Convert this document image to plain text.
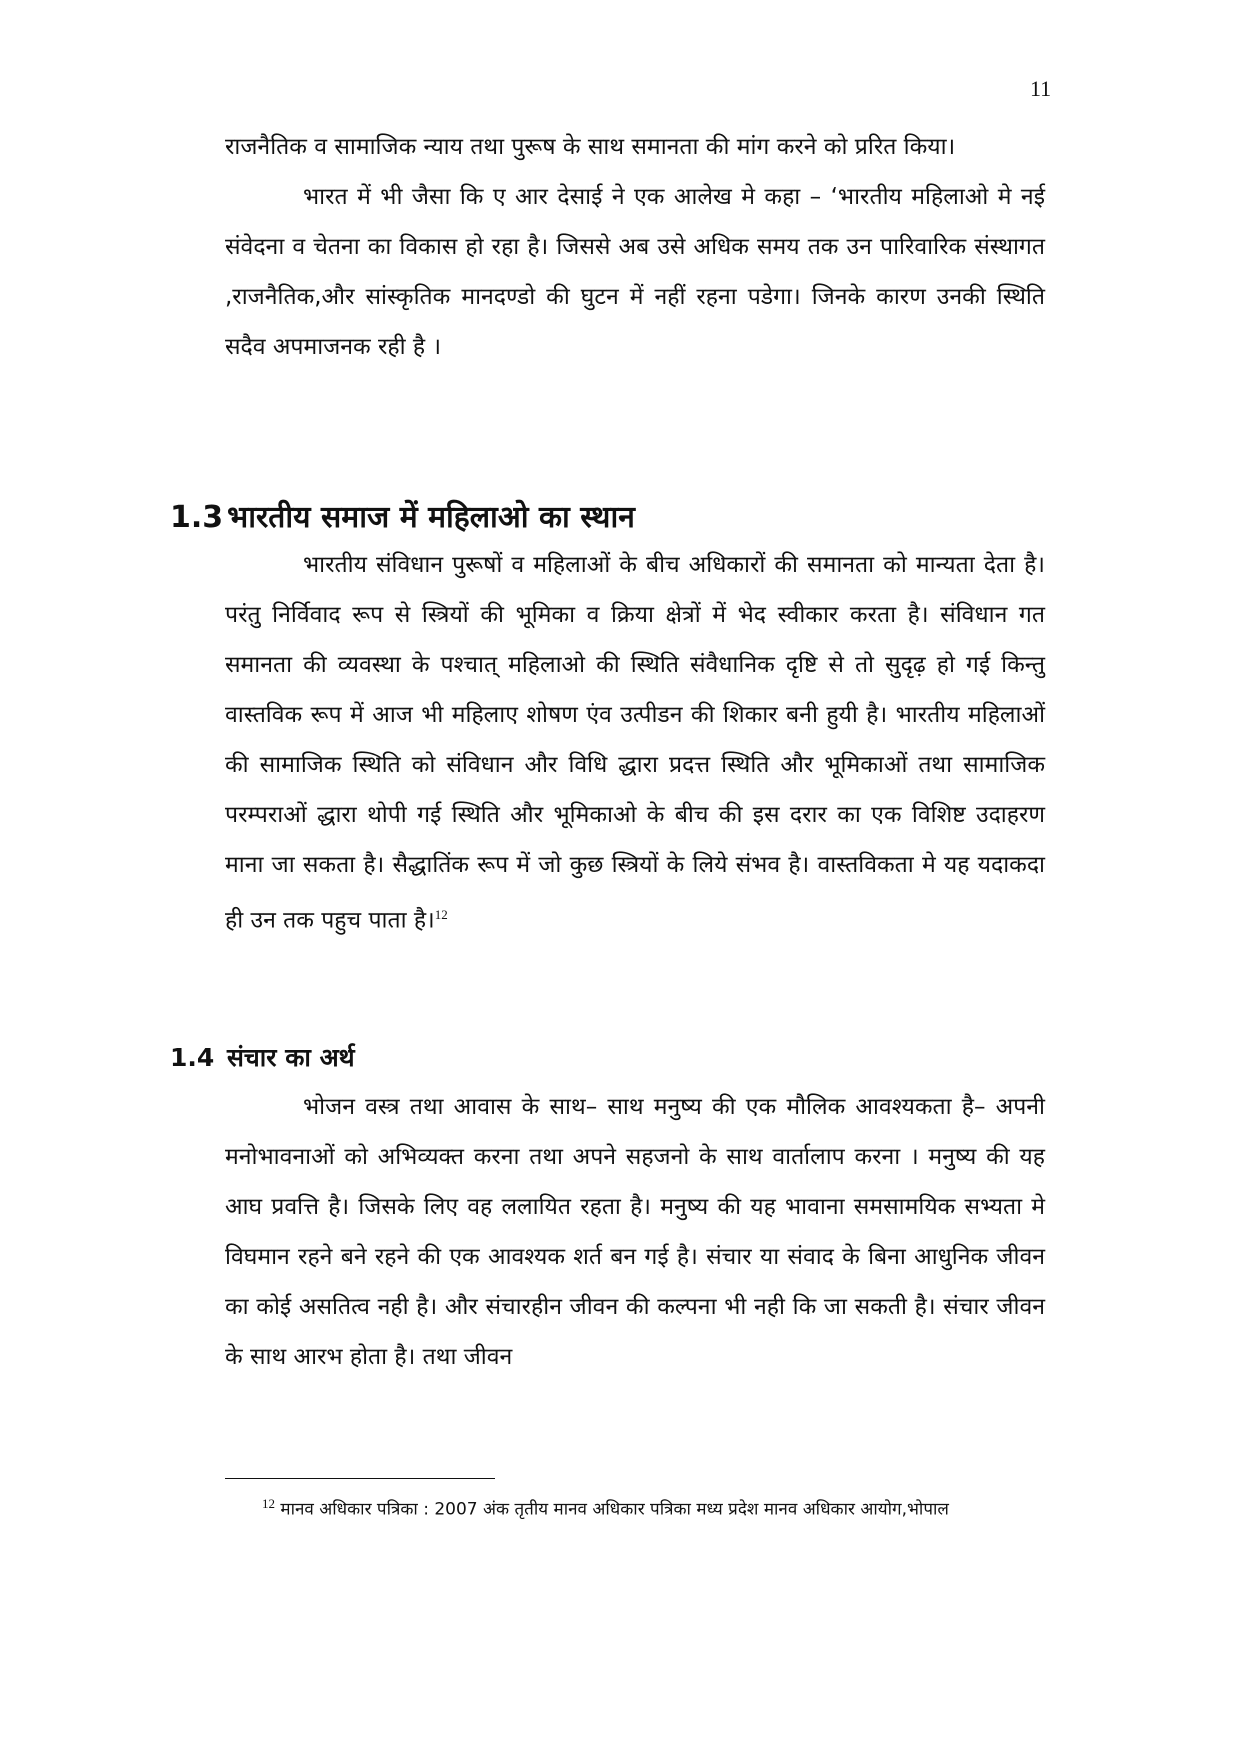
11

राजनैतिक व सामाजिक न्याय तथा पुरूष के साथ समानता की मांग करने को प्ररित किया।

भारत में भी जैसा कि ए आर देसाई ने एक आलेख मे कहा – ‘भारतीय महिलाओ मे नई संवेदना व चेतना का विकास हो रहा है। जिससे अब उसे अधिक समय तक उन पारिवारिक संस्थागत ,राजनैतिक,और सांस्कृतिक मानदण्डो की घुटन में नहीं रहना पडेगा। जिनके कारण उनकी स्थिति सदैव अपमाजनक रही है ।

1.3 भारतीय समाज में महिलाओ का स्थान

भारतीय संविधान पुरूषों व महिलाओं के बीच अधिकारों की समानता को मान्यता देता है। परंतु निर्विवाद रूप से स्त्रियों की भूमिका व क्रिया क्षेत्रों में भेद स्वीकार करता है। संविधान गत समानता की व्यवस्था के पश्चात् महिलाओ की स्थिति संवैधानिक दृष्टि से तो सुदृढ़ हो गई किन्तु वास्तविक रूप में आज भी महिलाए शोषण एंव उत्पीडन की शिकार बनी हुयी है। भारतीय महिलाओं की सामाजिक स्थिति को संविधान और विधि द्धारा प्रदत्त स्थिति और भूमिकाओं तथा सामाजिक परम्पराओं द्धारा थोपी गई स्थिति और भूमिकाओ के बीच की इस दरार का एक विशिष्ट उदाहरण माना जा सकता है। सैद्धातिंक रूप में जो कुछ स्त्रियों के लिये संभव है। वास्तविकता मे यह यदाकदा ही उन तक पहुच पाता है।$^{12}$

1.4 संचार का अर्थ

भोजन वस्त्र तथा आवास के साथ– साथ मनुष्य की एक मौलिक आवश्यकता है– अपनी मनोभावनाओं को अभिव्यक्त करना तथा अपने सहजनो के साथ वार्तालाप करना । मनुष्य की यह आघ प्रवत्ति है। जिसके लिए वह ललायित रहता है। मनुष्य की यह भावाना समसामयिक सभ्यता मे विघमान रहने बने रहने की एक आवश्यक शर्त बन गई है। संचार या संवाद के बिना आधुनिक जीवन का कोई असतित्व नही है। और संचारहीन जीवन की कल्पना भी नही कि जा सकती है। संचार जीवन के साथ आरभ होता है। तथा जीवन

$^{12}$ मानव अधिकार पत्रिका : 2007 अंक तृतीय मानव अधिकार पत्रिका मध्य प्रदेश मानव अधिकार आयोग,भोपाल
